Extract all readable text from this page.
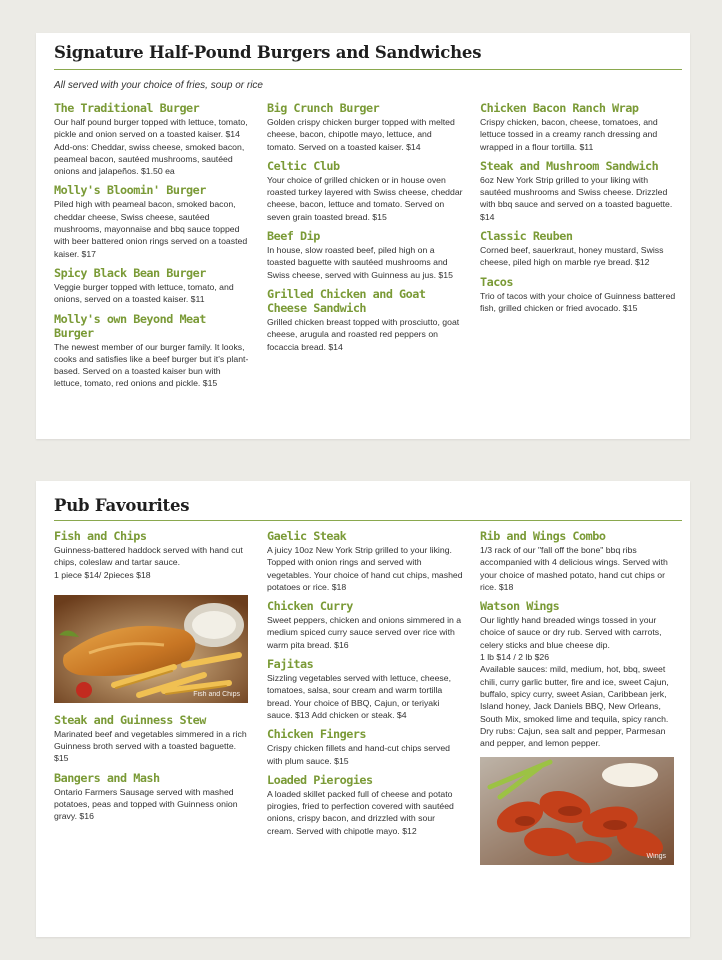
Signature Half-Pound Burgers and Sandwiches
All served with your choice of fries, soup or rice
The Traditional Burger

Our half pound burger topped with lettuce, tomato, pickle and onion served on a toasted kaiser. $14

Add-ons: Cheddar, swiss cheese, smoked bacon, peameal bacon, sautéed mushrooms, sautéed onions and jalapeños. $1.50 ea

Molly's Bloomin' Burger

Piled high with peameal bacon, smoked bacon, cheddar cheese, Swiss cheese, sautéed mushrooms, mayonnaise and bbq sauce topped with beer battered onion rings served on a toasted kaiser. $17

Spicy Black Bean Burger

Veggie burger topped with lettuce, tomato, and onions, served on a toasted kaiser. $11

Molly's own Beyond Meat Burger

The newest member of our burger family. It looks, cooks and satisfies like a beef burger but it's plant-based. Served on a toasted kaiser bun with lettuce, tomato, red onions and pickle. $15

Big Crunch Burger

Golden crispy chicken burger topped with melted cheese, bacon, chipotle mayo, lettuce, and tomato. Served on a toasted kaiser. $14

Celtic Club

Your choice of grilled chicken or in house oven roasted turkey layered with Swiss cheese, cheddar cheese, bacon, lettuce and tomato. Served on seven grain toasted bread. $15

Beef Dip

In house, slow roasted beef, piled high on a toasted baguette with sautéed mushrooms and Swiss cheese, served with Guinness au jus. $15

Grilled Chicken and Goat Cheese Sandwich

Grilled chicken breast topped with prosciutto, goat cheese, arugula and roasted red peppers on focaccia bread. $14

Chicken Bacon Ranch Wrap

Crispy chicken, bacon, cheese, tomatoes, and lettuce tossed in a creamy ranch dressing and wrapped in a flour tortilla. $11

Steak and Mushroom Sandwich

6oz New York Strip grilled to your liking with sautéed mushrooms and Swiss cheese. Drizzled with bbq sauce and served on a toasted baguette. $14

Classic Reuben

Corned beef, sauerkraut, honey mustard, Swiss cheese, piled high on marble rye bread. $12

Tacos

Trio of tacos with your choice of Guinness battered fish, grilled chicken or fried avocado. $15

Pub Favourites
Fish and Chips

Guinness-battered haddock served with hand cut chips, coleslaw and tartar sauce.

1 piece $14/ 2pieces $18

Fish and Chips
Steak and Guinness Stew

Marinated beef and vegetables simmered in a rich Guinness broth served with a toasted baguette. $15

Bangers and Mash

Ontario Farmers Sausage served with mashed potatoes, peas and topped with Guinness onion gravy. $16

Gaelic Steak

A juicy 10oz New York Strip grilled to your liking. Topped with onion rings and served with vegetables. Your choice of hand cut chips, mashed potatoes or rice. $18

Chicken Curry

Sweet peppers, chicken and onions simmered in a medium spiced curry sauce served over rice with warm pita bread. $16

Fajitas

Sizzling vegetables served with lettuce, cheese, tomatoes, salsa, sour cream and warm tortilla bread. Your choice of BBQ, Cajun, or teriyaki sauce. $13 Add chicken or steak. $4

Chicken Fingers

Crispy chicken fillets and hand-cut chips served with plum sauce. $15

Loaded Pierogies

A loaded skillet packed full of cheese and potato pirogies, fried to perfection covered with sautéed onions, crispy bacon, and drizzled with sour cream. Served with chipotle mayo. $12

Rib and Wings Combo

1/3 rack of our "fall off the bone" bbq ribs accompanied with 4 delicious wings. Served with your choice of mashed potato, hand cut chips or rice. $18

Watson Wings

Our lightly hand breaded wings tossed in your choice of sauce or dry rub. Served with carrots, celery sticks and blue cheese dip.

1 lb $14 / 2 lb $26

Available sauces: mild, medium, hot, bbq, sweet chili, curry garlic butter, fire and ice, sweet Cajun, buffalo, spicy curry, sweet Asian, Caribbean jerk, Island honey, Jack Daniels BBQ, New Orleans, South Mix, smoked lime and tequila, spicy ranch.

Dry rubs: Cajun, sea salt and pepper, Parmesan and pepper, and lemon pepper.

Wings
